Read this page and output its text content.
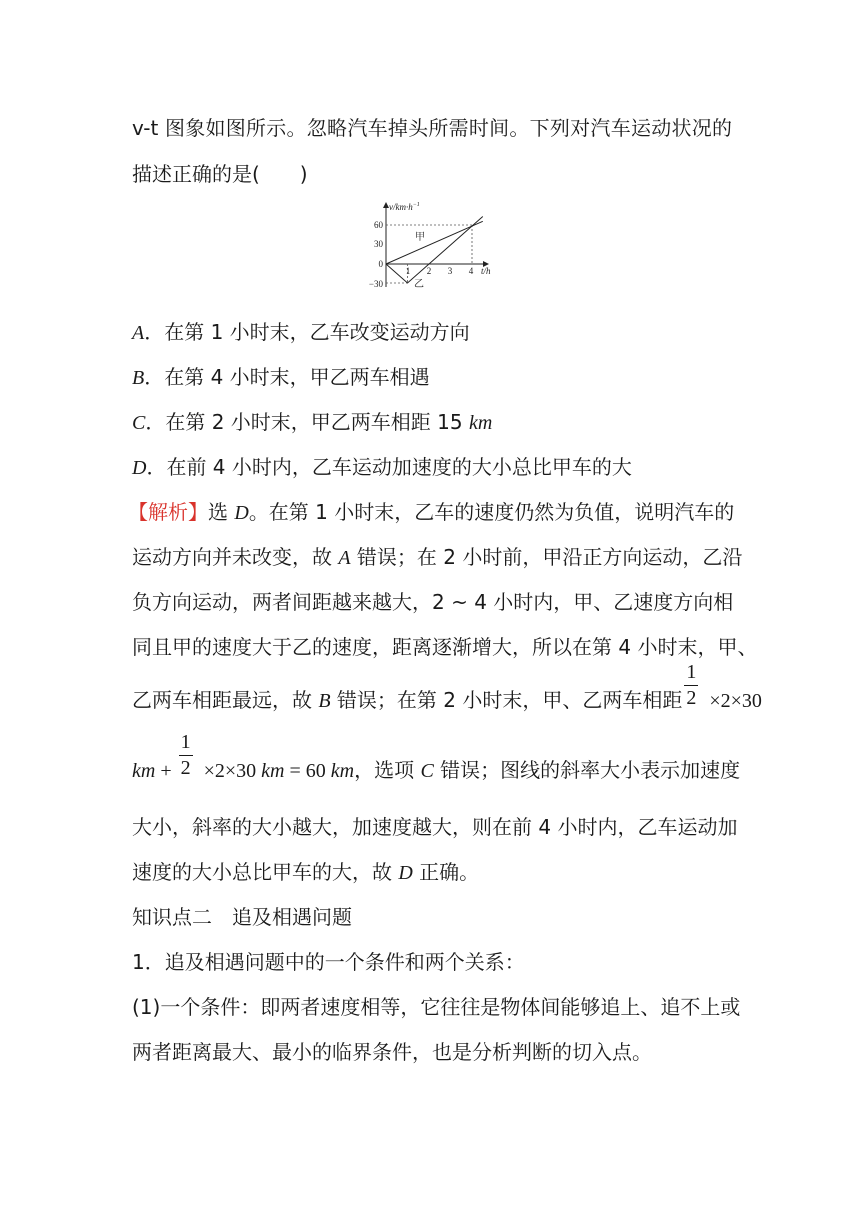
v-t 图象如图所示。忽略汽车掉头所需时间。下列对汽车运动状况的
描述正确的是(　　)
$v/km\cdot h^{-1}$
60
30
0
−30
1 2 3 4 t/h
甲
乙
A．在第 1 小时末，乙车改变运动方向
B．在第 4 小时末，甲乙两车相遇
C．在第 2 小时末，甲乙两车相距 15 km
D．在前 4 小时内，乙车运动加速度的大小总比甲车的大
【解析】选 D。在第 1 小时末，乙车的速度仍然为负值，说明汽车的
运动方向并未改变，故 A 错误；在 2 小时前，甲沿正方向运动，乙沿
负方向运动，两者间距越来越大，2 ~ 4 小时内，甲、乙速度方向相
同且甲的速度大于乙的速度，距离逐渐增大，所以在第 4 小时末，甲、
乙两车相距最远，故 B 错误；在第 2 小时末，甲、乙两车相距 $\frac{1}{2} \times 2\times 30$
km + $\frac{1}{2} \times 2\times 30$ km = 60 km，选项 C 错误；图线的斜率大小表示加速度
大小，斜率的大小越大，加速度越大，则在前 4 小时内，乙车运动加
速度的大小总比甲车的大，故 D 正确。
知识点二　追及相遇问题
1．追及相遇问题中的一个条件和两个关系：
(1)一个条件：即两者速度相等，它往往是物体间能够追上、追不上或
两者距离最大、最小的临界条件，也是分析判断的切入点。
